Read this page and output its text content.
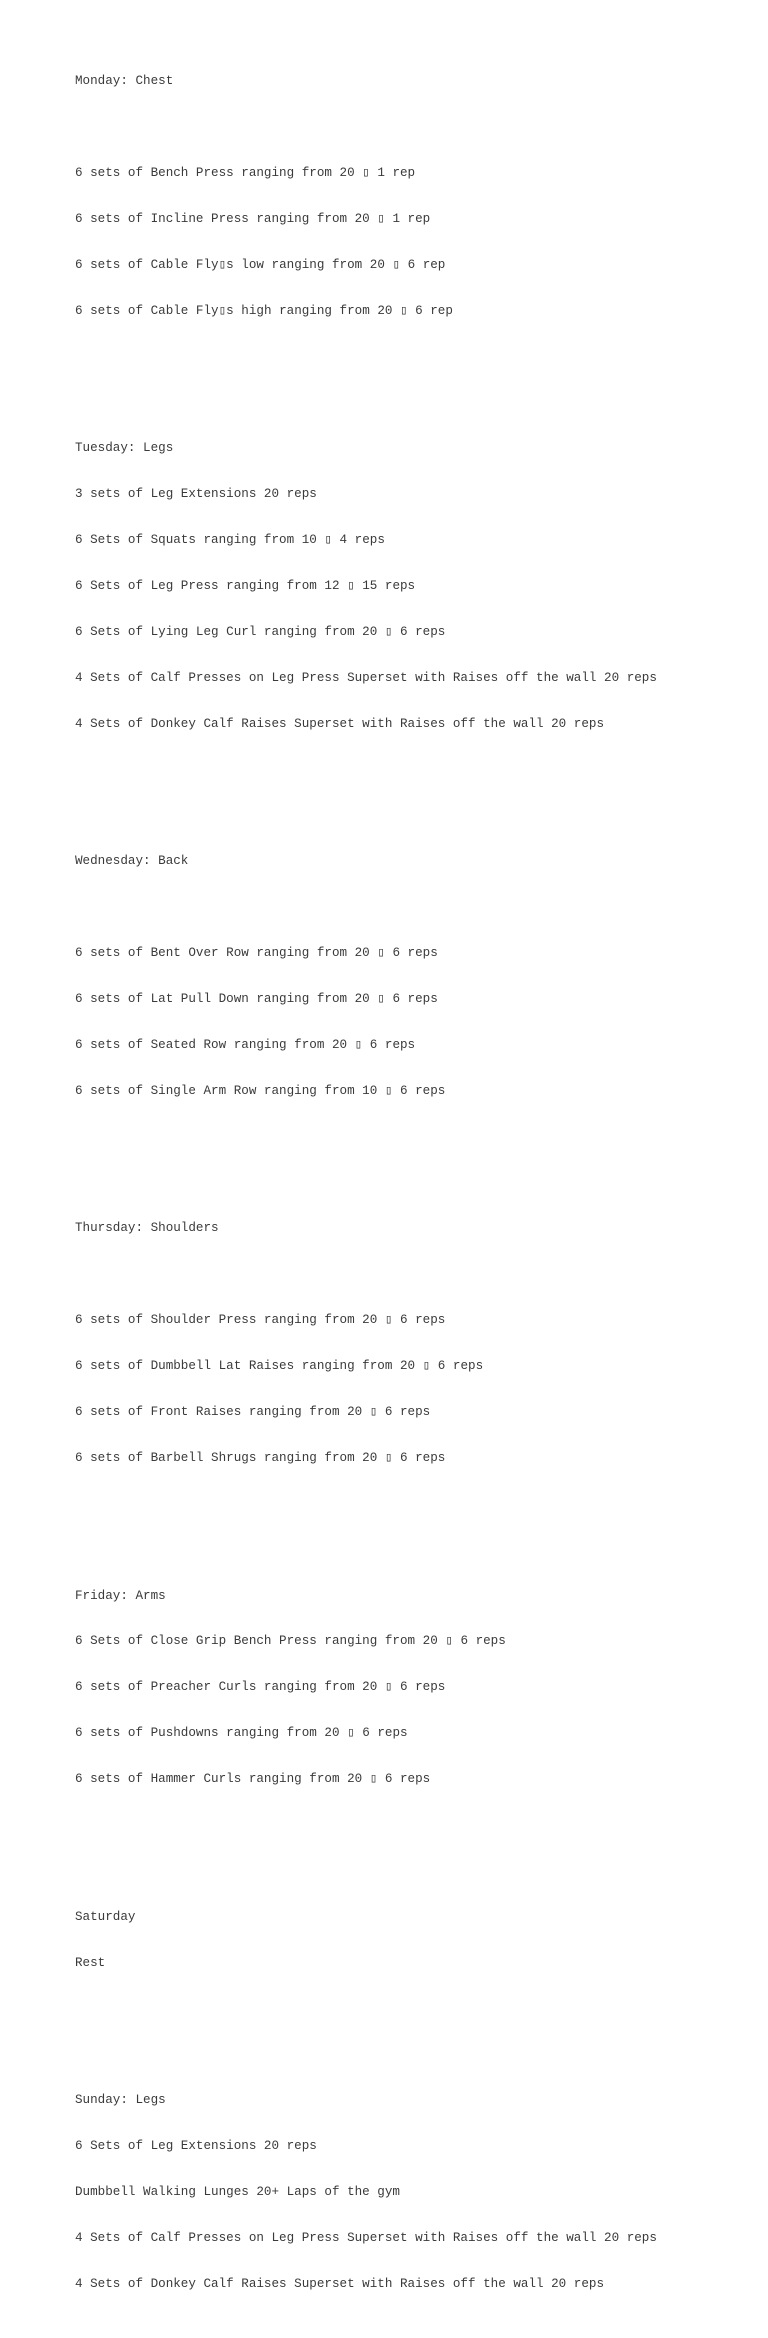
Monday: Chest

6 sets of Bench Press ranging from 20 ▯ 1 rep

6 sets of Incline Press ranging from 20 ▯ 1 rep

6 sets of Cable Fly▯s low ranging from 20 ▯ 6 rep

6 sets of Cable Fly▯s high ranging from 20 ▯ 6 rep

Tuesday: Legs

3 sets of Leg Extensions 20 reps

6 Sets of Squats ranging from 10 ▯ 4 reps

6 Sets of Leg Press ranging from 12 ▯ 15 reps

6 Sets of Lying Leg Curl ranging from 20 ▯ 6 reps

4 Sets of Calf Presses on Leg Press Superset with Raises off the wall 20 reps

4 Sets of Donkey Calf Raises Superset with Raises off the wall 20 reps

Wednesday: Back

6 sets of Bent Over Row ranging from 20 ▯ 6 reps

6 sets of Lat Pull Down ranging from 20 ▯ 6 reps

6 sets of Seated Row ranging from 20 ▯ 6 reps

6 sets of Single Arm Row ranging from 10 ▯ 6 reps

Thursday: Shoulders

6 sets of Shoulder Press ranging from 20 ▯ 6 reps

6 sets of Dumbbell Lat Raises ranging from 20 ▯ 6 reps

6 sets of Front Raises ranging from 20 ▯ 6 reps

6 sets of Barbell Shrugs ranging from 20 ▯ 6 reps

Friday: Arms

6 Sets of Close Grip Bench Press ranging from 20 ▯ 6 reps

6 sets of Preacher Curls ranging from 20 ▯ 6 reps

6 sets of Pushdowns ranging from 20 ▯ 6 reps

6 sets of Hammer Curls ranging from 20 ▯ 6 reps

Saturday

Rest

Sunday: Legs

6 Sets of Leg Extensions 20 reps

Dumbbell Walking Lunges 20+ Laps of the gym

4 Sets of Calf Presses on Leg Press Superset with Raises off the wall 20 reps

4 Sets of Donkey Calf Raises Superset with Raises off the wall 20 reps
